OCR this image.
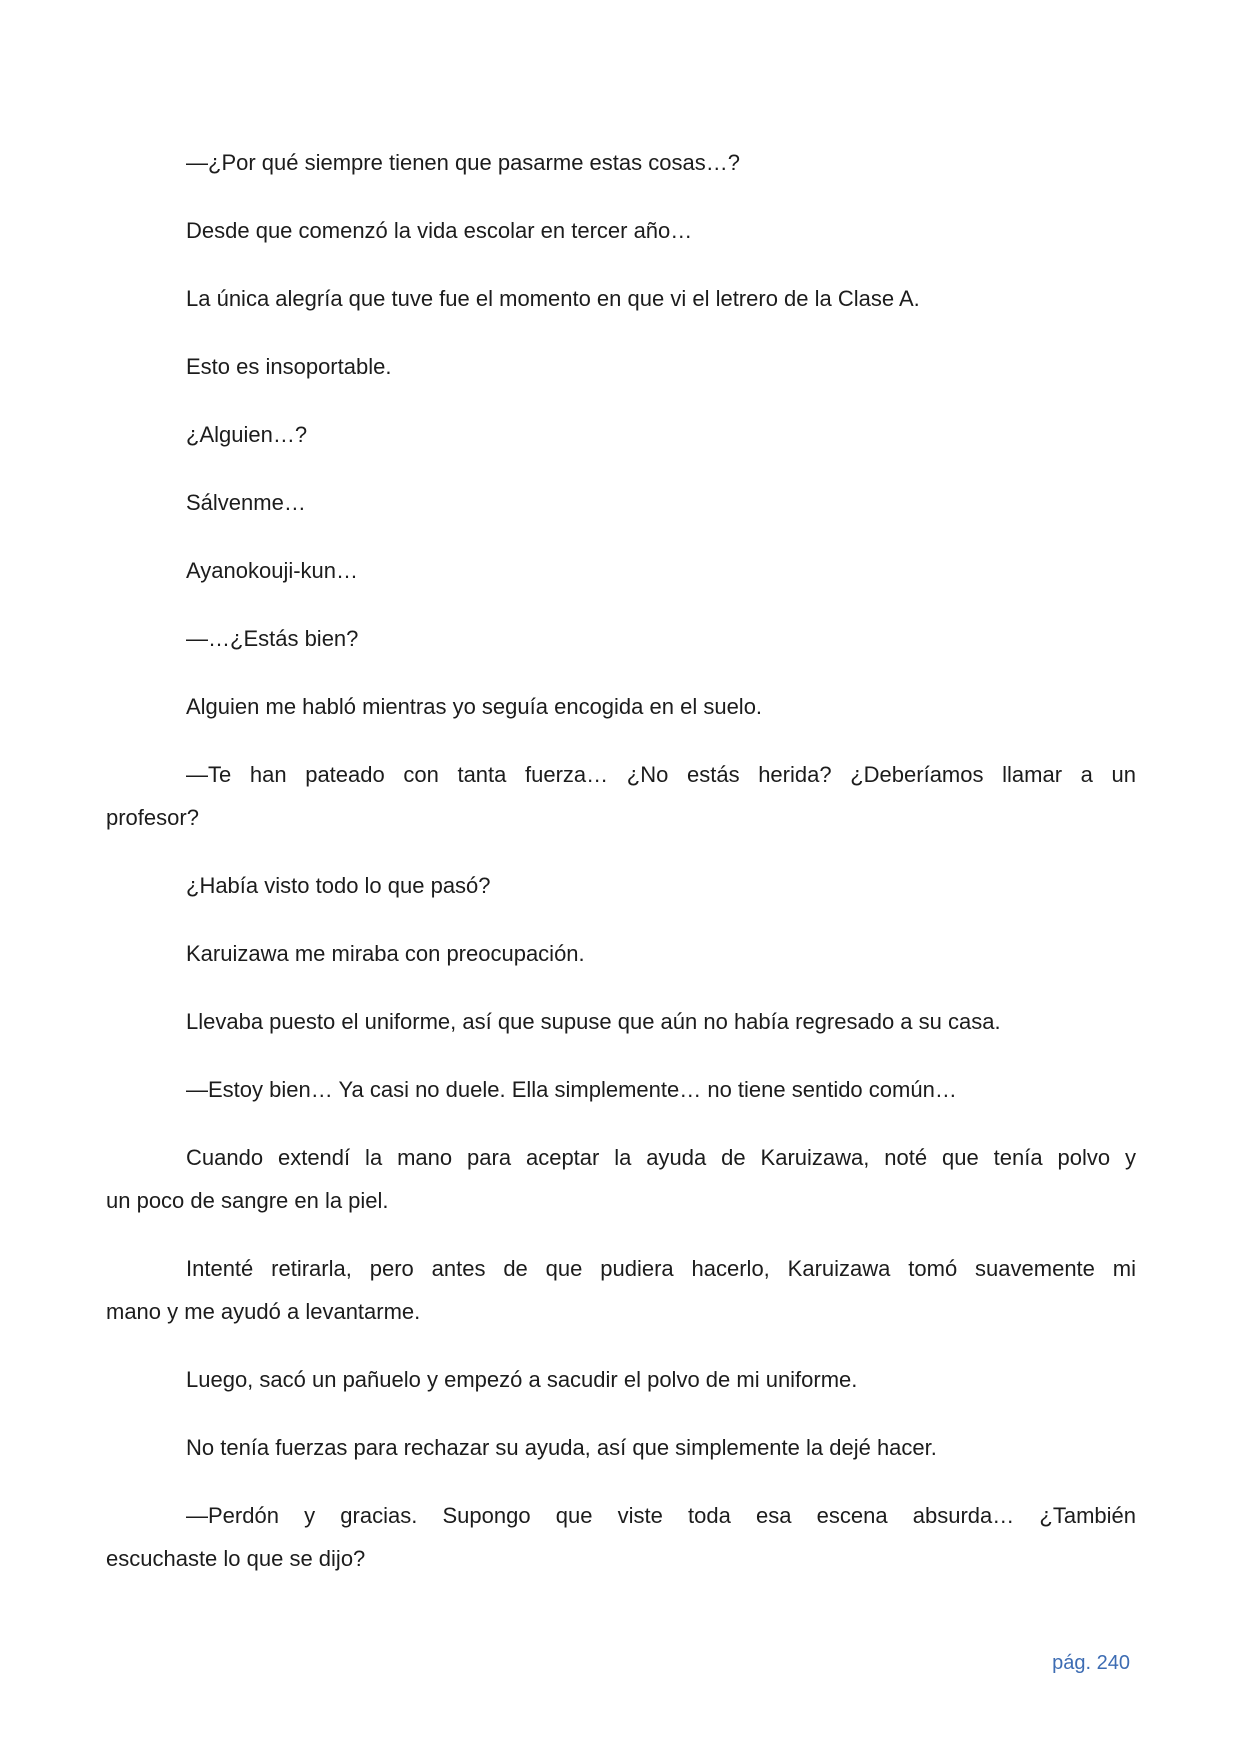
—¿Por qué siempre tienen que pasarme estas cosas…?

Desde que comenzó la vida escolar en tercer año…

La única alegría que tuve fue el momento en que vi el letrero de la Clase A.

Esto es insoportable.

¿Alguien…?

Sálvenme…

Ayanokouji-kun…

—…¿Estás bien?

Alguien me habló mientras yo seguía encogida en el suelo.

—Te han pateado con tanta fuerza… ¿No estás herida? ¿Deberíamos llamar a un
profesor?

¿Había visto todo lo que pasó?

Karuizawa me miraba con preocupación.

Llevaba puesto el uniforme, así que supuse que aún no había regresado a su casa.

—Estoy bien… Ya casi no duele. Ella simplemente… no tiene sentido común…

Cuando extendí la mano para aceptar la ayuda de Karuizawa, noté que tenía polvo y
un poco de sangre en la piel.

Intenté retirarla, pero antes de que pudiera hacerlo, Karuizawa tomó suavemente mi
mano y me ayudó a levantarme.

Luego, sacó un pañuelo y empezó a sacudir el polvo de mi uniforme.

No tenía fuerzas para rechazar su ayuda, así que simplemente la dejé hacer.

—Perdón y gracias. Supongo que viste toda esa escena absurda… ¿También
escuchaste lo que se dijo?

pág. 240
